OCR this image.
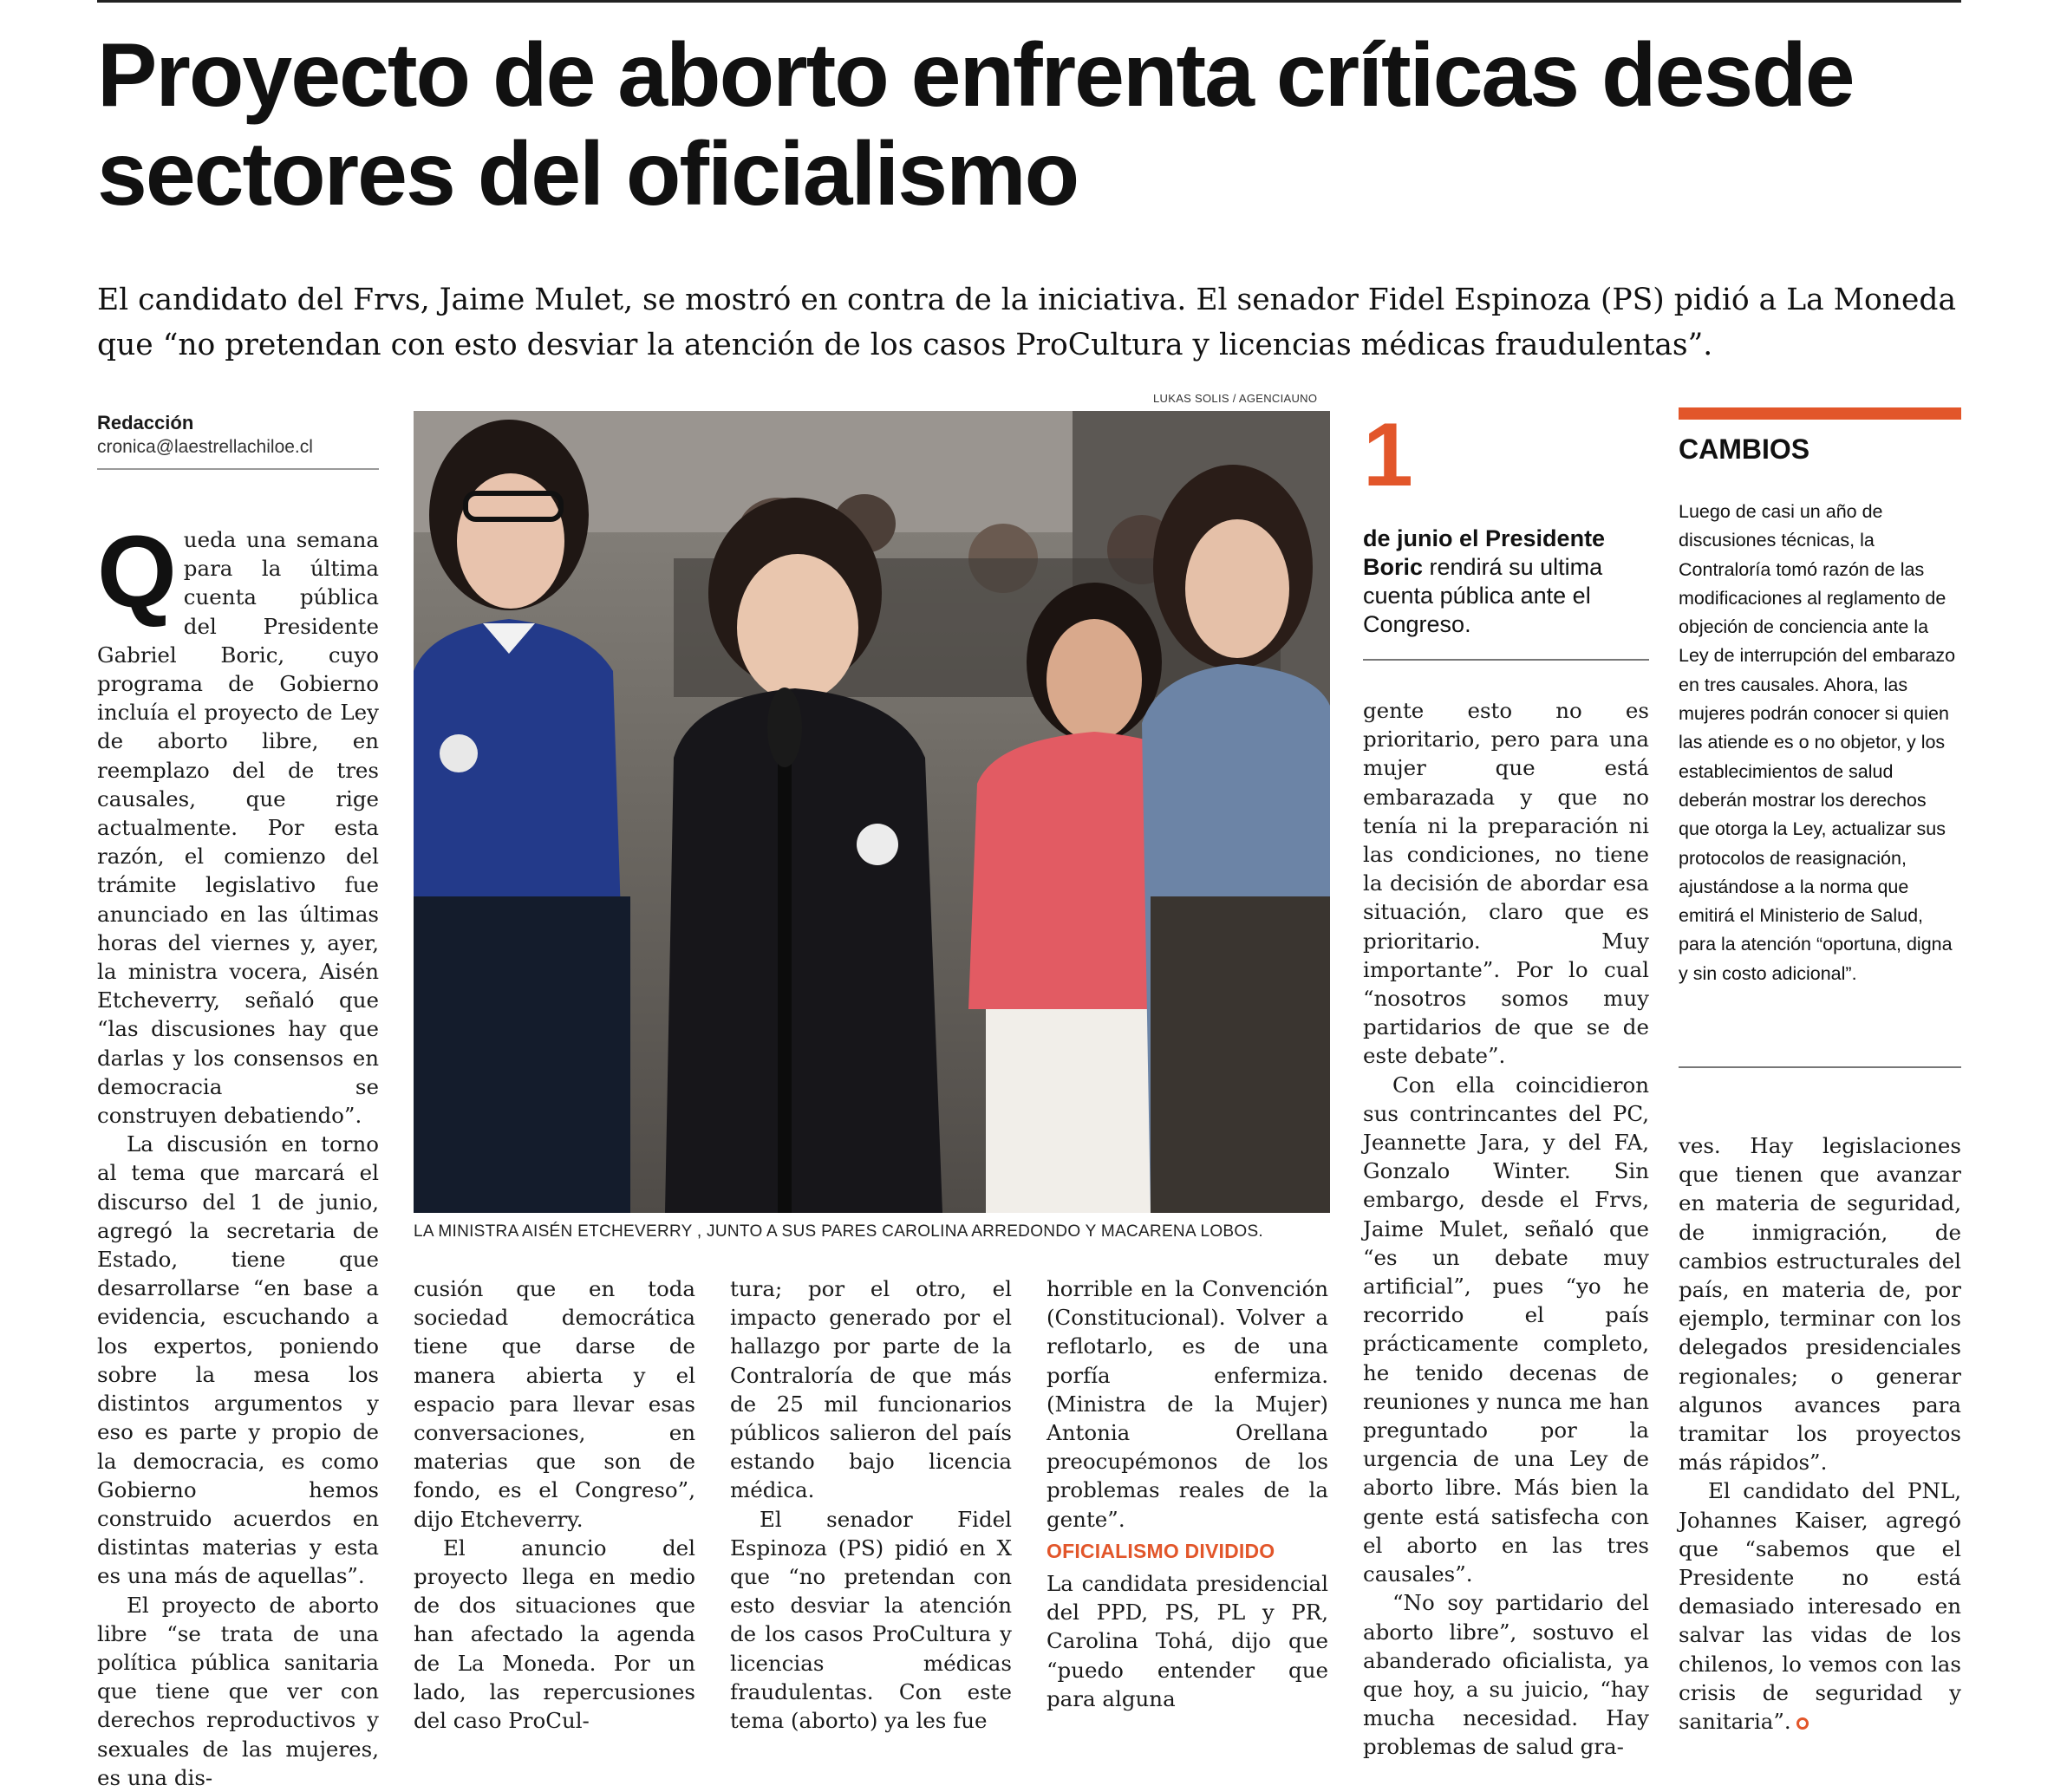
Proyecto de aborto enfrenta críticas desde sectores del oficialismo

El candidato del Frvs, Jaime Mulet, se mostró en contra de la iniciativa. El senador Fidel Espinoza (PS) pidió a La Moneda que “no pretendan con esto desviar la atención de los casos ProCultura y licencias médicas fraudulentas”.

Redacción
cronica@laestrellachiloe.cl
LUKAS SOLIS / AGENCIAUNO
LA MINISTRA AISÉN ETCHEVERRY , JUNTO A SUS PARES CAROLINA ARREDONDO Y MACARENA LOBOS.

Queda una semana para la última cuenta pública del Presidente Gabriel Boric, cuyo programa de Gobierno incluía el proyecto de Ley de aborto libre, en reemplazo del de tres causales, que rige actualmente. Por esta razón, el comienzo del trámite legislativo fue anunciado en las últimas horas del viernes y, ayer, la ministra vocera, Aisén Etcheverry, señaló que “las discusiones hay que darlas y los consensos en democracia se construyen debatiendo”.

La discusión en torno al tema que marcará el discurso del 1 de junio, agregó la secretaria de Estado, tiene que desarrollarse “en base a evidencia, escuchando a los expertos, poniendo sobre la mesa los distintos argumentos y eso es parte y propio de la democracia, es como Gobierno hemos construido acuerdos en distintas materias y esta es una más de aquellas”.

El proyecto de aborto libre “se trata de una política pública sanitaria que tiene que ver con derechos reproductivos y sexuales de las mujeres, es una dis-

cusión que en toda sociedad democrática tiene que darse de manera abierta y el espacio para llevar esas conversaciones, en materias que son de fondo, es el Congreso”, dijo Etcheverry.

El anuncio del proyecto llega en medio de dos situaciones que han afectado la agenda de La Moneda. Por un lado, las repercusiones del caso ProCul-

tura; por el otro, el impacto generado por el hallazgo por parte de la Contraloría de que más de 25 mil funcionarios públicos salieron del país estando bajo licencia médica.

El senador Fidel Espinoza (PS) pidió en X que “no pretendan con esto desviar la atención de los casos ProCultura y licencias médicas fraudulentas. Con este tema (aborto) ya les fue

horrible en la Convención (Constitucional). Volver a reflotarlo, es de una porfía enfermiza. (Ministra de la Mujer) Antonia Orellana preocupémonos de los problemas reales de la gente”.

OFICIALISMO DIVIDIDO

La candidata presidencial del PPD, PS, PL y PR, Carolina Tohá, dijo que “puedo entender que para alguna

1
de junio el Presidente Boric rendirá su ultima cuenta pública ante el Congreso.

gente esto no es prioritario, pero para una mujer que está embarazada y que no tenía ni la preparación ni las condiciones, no tiene la decisión de abordar esa situación, claro que es prioritario. Muy importante”. Por lo cual “nosotros somos muy partidarios de que se de este debate”.

Con ella coincidieron sus contrincantes del PC, Jeannette Jara, y del FA, Gonzalo Winter. Sin embargo, desde el Frvs, Jaime Mulet, señaló que “es un debate muy artificial”, pues “yo he recorrido el país prácticamente completo, he tenido decenas de reuniones y nunca me han preguntado por la urgencia de una Ley de aborto libre. Más bien la gente está satisfecha con el aborto en las tres causales”.

“No soy partidario del aborto libre”, sostuvo el abanderado oficialista, ya que hoy, a su juicio, “hay mucha necesidad. Hay problemas de salud gra-

CAMBIOS
Luego de casi un año de discusiones técnicas, la Contraloría tomó razón de las modificaciones al reglamento de objeción de conciencia ante la Ley de interrupción del embarazo en tres causales. Ahora, las mujeres podrán conocer si quien las atiende es o no objetor, y los establecimientos de salud deberán mostrar los derechos que otorga la Ley, actualizar sus protocolos de reasignación, ajustándose a la norma que emitirá el Ministerio de Salud, para la atención “oportuna, digna y sin costo adicional”.

ves. Hay legislaciones que tienen que avanzar en materia de seguridad, de inmigración, de cambios estructurales del país, en materia de, por ejemplo, terminar con los delegados presidenciales regionales; o generar algunos avances para tramitar los proyectos más rápidos”.

El candidato del PNL, Johannes Kaiser, agregó que “sabemos que el Presidente no está demasiado interesado en salvar las vidas de los chilenos, lo vemos con las crisis de seguridad y sanitaria”.
